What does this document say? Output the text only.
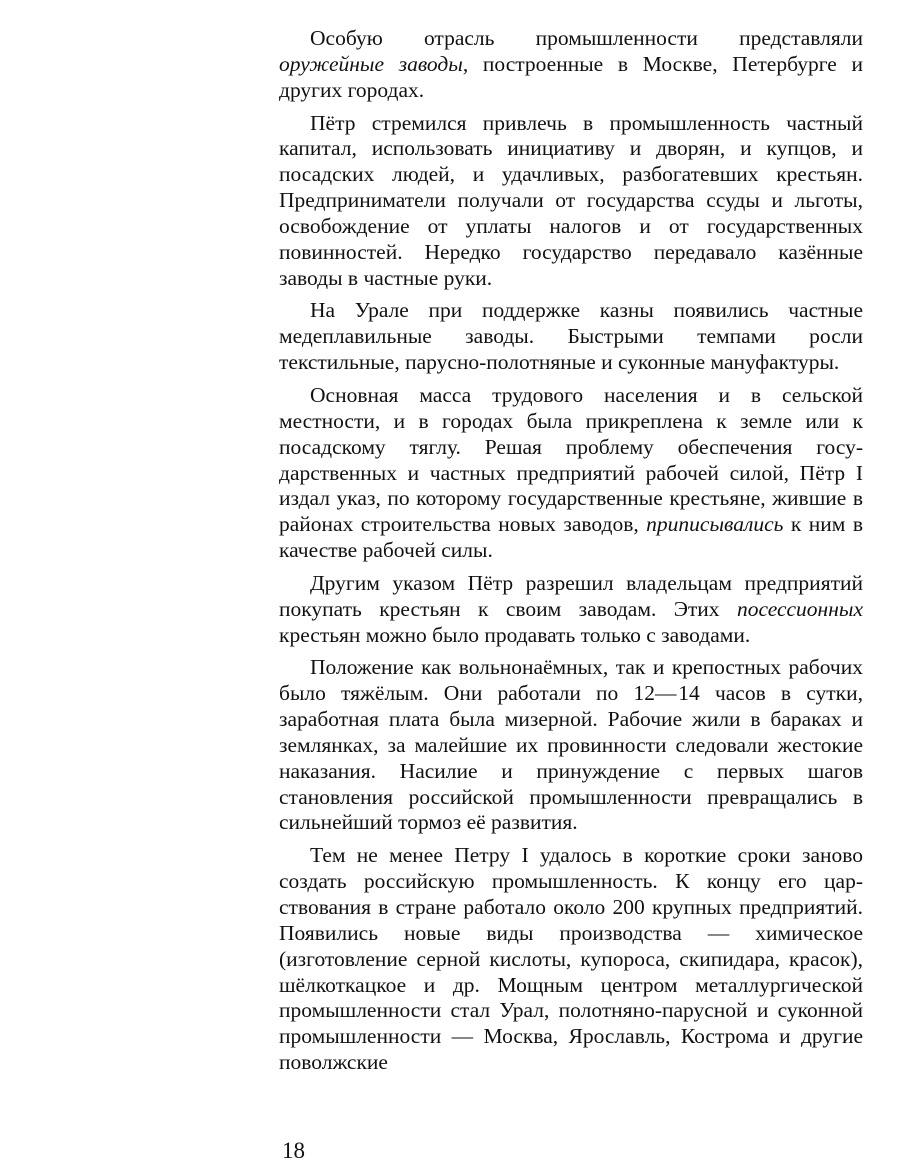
Особую отрасль промышленности представляли оружейные заводы, построенные в Москве, Петербурге и других городах.

Пётр стремился привлечь в промышленность частный капитал, использовать инициативу и дворян, и купцов, и посадских людей, и удачливых, разбогатевших крестьян. Предприниматели получали от государства ссуды и льготы, освобождение от уплаты налогов и от государственных повинностей. Нередко государство передавало казённые заводы в частные руки.

На Урале при поддержке казны появились частные медеплавильные заводы. Быстрыми темпами росли текстильные, парусно-полотняные и суконные мануфактуры.

Основная масса трудового населения и в сельской местности, и в городах была прикреплена к земле или к посадскому тяглу. Решая проблему обеспечения государственных и частных предприятий рабочей силой, Пётр I издал указ, по которому государственные крестьяне, жившие в районах строительства новых заводов, приписывались к ним в качестве рабочей силы.

Другим указом Пётр разрешил владельцам предприятий покупать крестьян к своим заводам. Этих посессионных крестьян можно было продавать только с заводами.

Положение как вольнонаёмных, так и крепостных рабочих было тяжёлым. Они работали по 12— 14 часов в сутки, заработная плата была мизерной. Рабочие жили в бараках и землянках, за малейшие их провинности следовали жестокие наказания. Насилие и принуждение с первых шагов становления российской промышленности превращались в сильнейший тормоз её развития.

Тем не менее Петру I удалось в короткие сроки заново создать российскую промышленность. К концу его царствования в стране работало около 200 крупных предприятий. Появились новые виды производства — химическое (изготовление серной кислоты, купороса, скипидара, красок), шёлкоткацкое и др. Мощным центром металлургической промышленности стал Урал, полотняно-парусной и суконной промышленности — Москва, Ярославль, Кострома и другие поволжские

18
